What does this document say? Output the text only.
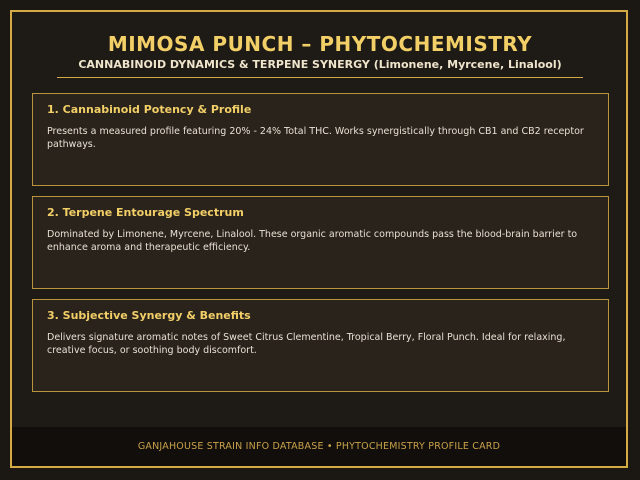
MIMOSA PUNCH – PHYTOCHEMISTRY
CANNABINOID DYNAMICS & TERPENE SYNERGY (Limonene, Myrcene, Linalool)
1. Cannabinoid Potency & Profile
Presents a measured profile featuring 20% - 24% Total THC. Works synergistically through CB1 and CB2 receptor pathways.
2. Terpene Entourage Spectrum
Dominated by Limonene, Myrcene, Linalool. These organic aromatic compounds pass the blood-brain barrier to enhance aroma and therapeutic efficiency.
3. Subjective Synergy & Benefits
Delivers signature aromatic notes of Sweet Citrus Clementine, Tropical Berry, Floral Punch. Ideal for relaxing, creative focus, or soothing body discomfort.
GANJAHOUSE STRAIN INFO DATABASE • PHYTOCHEMISTRY PROFILE CARD
